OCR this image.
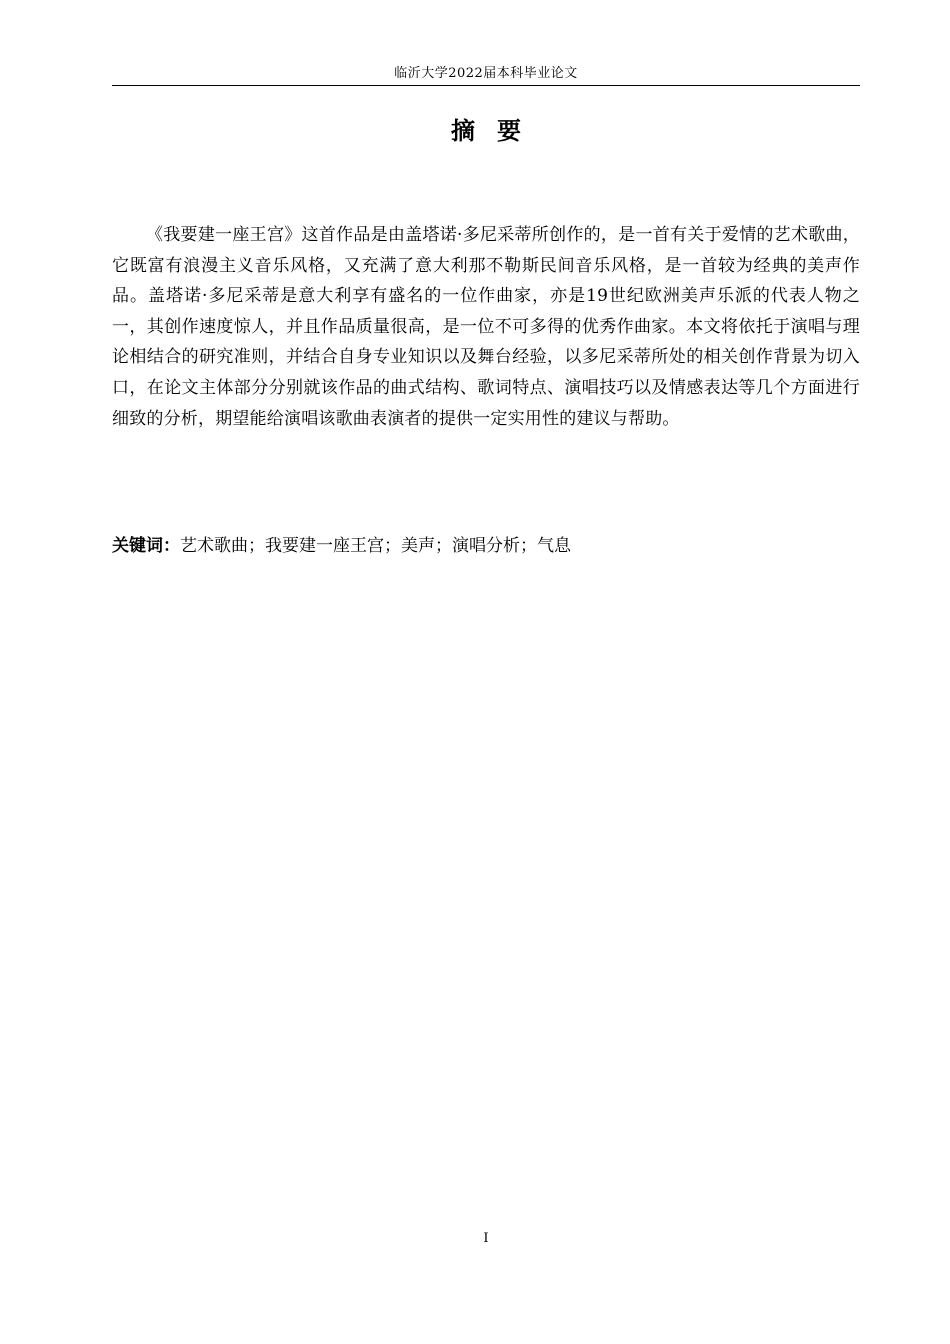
临沂大学2022届本科毕业论文
摘要

《我要建一座王宫》这首作品是由盖塔诺·多尼采蒂所创作的，是一首有关于爱情的艺术歌曲，它既富有浪漫主义音乐风格，又充满了意大利那不勒斯民间音乐风格，是一首较为经典的美声作品。盖塔诺·多尼采蒂是意大利享有盛名的一位作曲家，亦是19世纪欧洲美声乐派的代表人物之一，其创作速度惊人，并且作品质量很高，是一位不可多得的优秀作曲家。本文将依托于演唱与理论相结合的研究准则，并结合自身专业知识以及舞台经验，以多尼采蒂所处的相关创作背景为切入口，在论文主体部分分别就该作品的曲式结构、歌词特点、演唱技巧以及情感表达等几个方面进行细致的分析，期望能给演唱该歌曲表演者的提供一定实用性的建议与帮助。

关键词：艺术歌曲；我要建一座王宫；美声；演唱分析；气息
I
